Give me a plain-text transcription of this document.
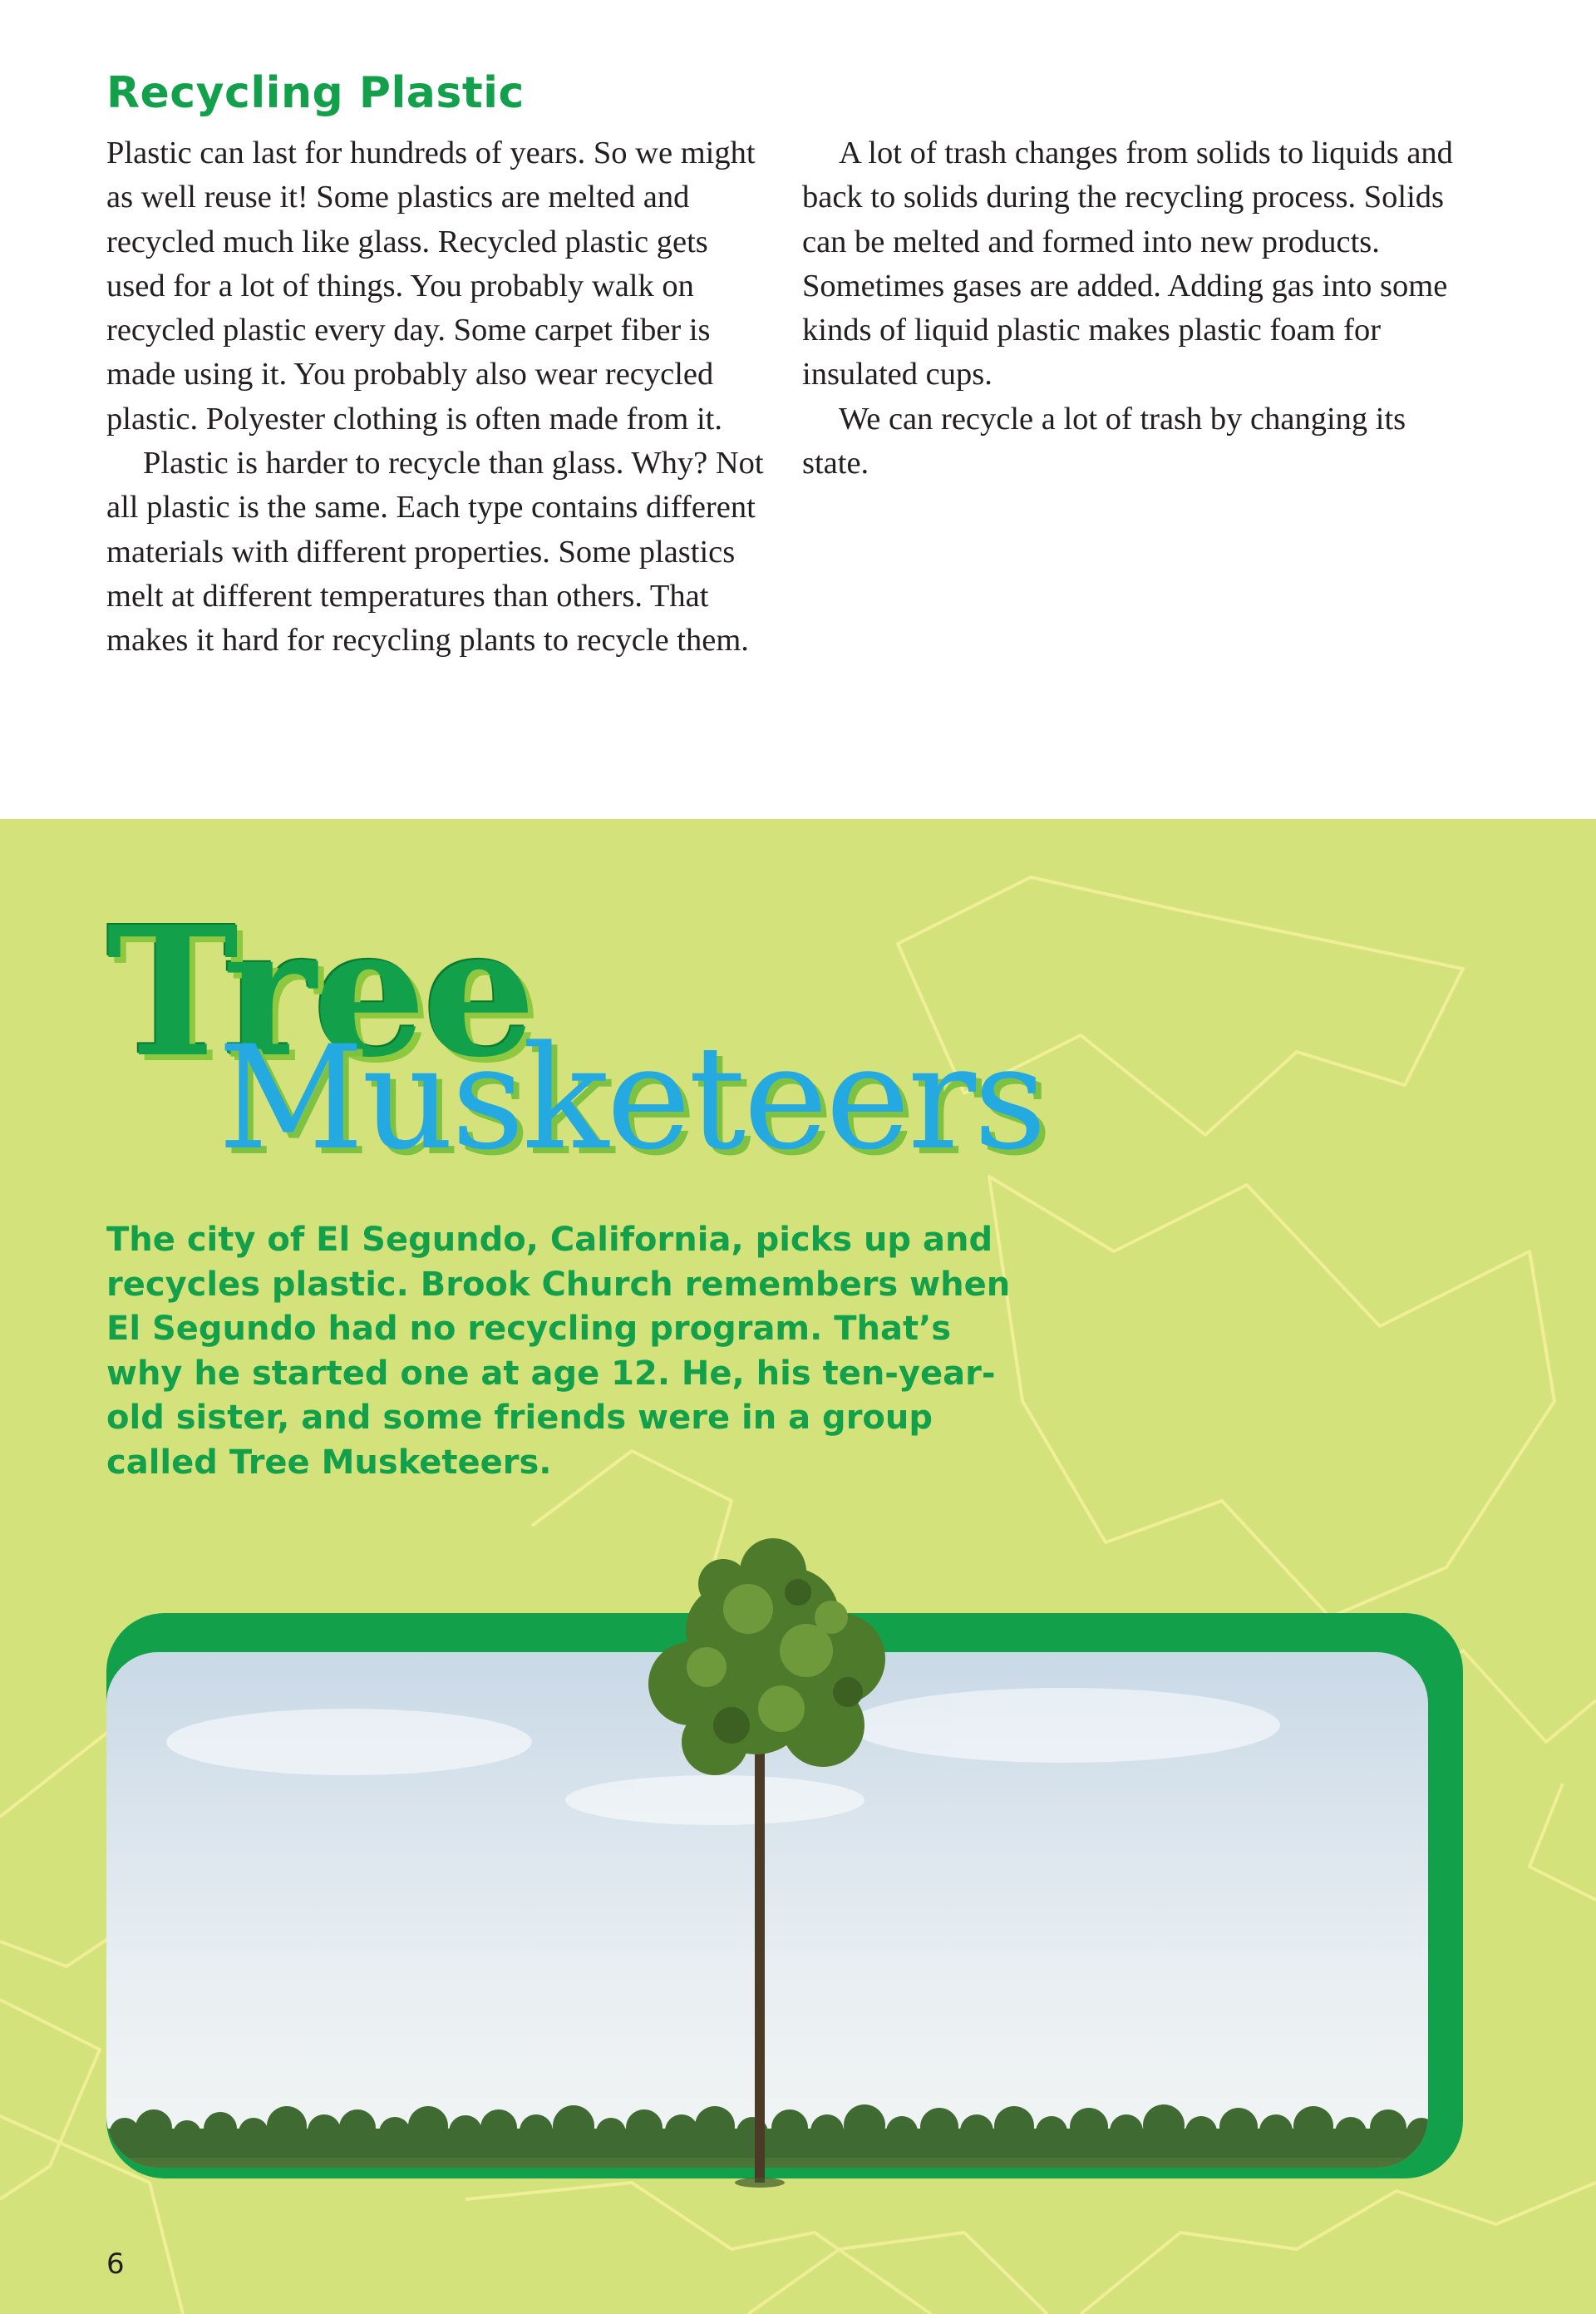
Recycling Plastic

Plastic can last for hundreds of years. So we might as well reuse it! Some plastics are melted and recycled much like glass. Recycled plastic gets used for a lot of things. You probably walk on recycled plastic every day. Some carpet fiber is made using it. You probably also wear recycled plastic. Polyester clothing is often made from it.

Plastic is harder to recycle than glass. Why? Not all plastic is the same. Each type contains different materials with different properties. Some plastics melt at different temperatures than others. That makes it hard for recycling plants to recycle them.

A lot of trash changes from solids to liquids and back to solids during the recycling process. Solids can be melted and formed into new products. Sometimes gases are added. Adding gas into some kinds of liquid plastic makes plastic foam for insulated cups.

We can recycle a lot of trash by changing its state.

Tree
Musketeers

The city of El Segundo, California, picks up and recycles plastic. Brook Church remembers when El Segundo had no recycling program. That’s why he started one at age 12. He, his ten-year-old sister, and some friends were in a group called Tree Musketeers.

6
